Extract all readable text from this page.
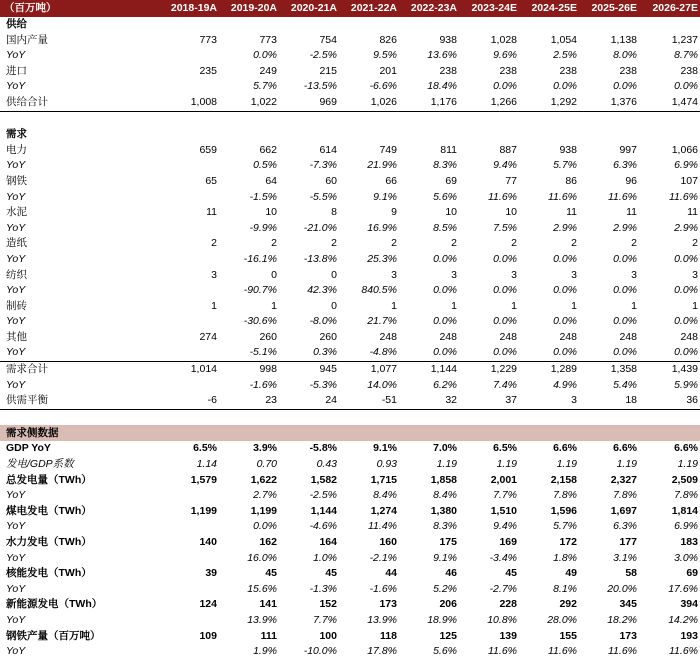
（百万吨）	2018-19A	2019-20A	2020-21A	2021-22A	2022-23A	2023-24E	2024-25E	2025-26E	2026-27E
供给									
国内产量	773	773	754	826	938	1,028	1,054	1,138	1,237
YoY		0.0%	-2.5%	9.5%	13.6%	9.6%	2.5%	8.0%	8.7%
进口	235	249	215	201	238	238	238	238	238
YoY		5.7%	-13.5%	-6.6%	18.4%	0.0%	0.0%	0.0%	0.0%
供给合计	1,008	1,022	969	1,026	1,176	1,266	1,292	1,376	1,474

需求									
电力	659	662	614	749	811	887	938	997	1,066
YoY		0.5%	-7.3%	21.9%	8.3%	9.4%	5.7%	6.3%	6.9%
钢铁	65	64	60	66	69	77	86	96	107
YoY		-1.5%	-5.5%	9.1%	5.6%	11.6%	11.6%	11.6%	11.6%
水泥	11	10	8	9	10	10	11	11	11
YoY		-9.9%	-21.0%	16.9%	8.5%	7.5%	2.9%	2.9%	2.9%
造纸	2	2	2	2	2	2	2	2	2
YoY		-16.1%	-13.8%	25.3%	0.0%	0.0%	0.0%	0.0%	0.0%
纺织	3	0	0	3	3	3	3	3	3
YoY		-90.7%	42.3%	840.5%	0.0%	0.0%	0.0%	0.0%	0.0%
制砖	1	1	0	1	1	1	1	1	1
YoY		-30.6%	-8.0%	21.7%	0.0%	0.0%	0.0%	0.0%	0.0%
其他	274	260	260	248	248	248	248	248	248
YoY		-5.1%	0.3%	-4.8%	0.0%	0.0%	0.0%	0.0%	0.0%
需求合计	1,014	998	945	1,077	1,144	1,229	1,289	1,358	1,439
YoY		-1.6%	-5.3%	14.0%	6.2%	7.4%	4.9%	5.4%	5.9%
供需平衡	-6	23	24	-51	32	37	3	18	36

需求侧数据									
GDP YoY	6.5%	3.9%	-5.8%	9.1%	7.0%	6.5%	6.6%	6.6%	6.6%
发电/GDP系数	1.14	0.70	0.43	0.93	1.19	1.19	1.19	1.19	1.19
总发电量（TWh）	1,579	1,622	1,582	1,715	1,858	2,001	2,158	2,327	2,509
YoY		2.7%	-2.5%	8.4%	8.4%	7.7%	7.8%	7.8%	7.8%
煤电发电（TWh）	1,199	1,199	1,144	1,274	1,380	1,510	1,596	1,697	1,814
YoY		0.0%	-4.6%	11.4%	8.3%	9.4%	5.7%	6.3%	6.9%
水力发电（TWh）	140	162	164	160	175	169	172	177	183
YoY		16.0%	1.0%	-2.1%	9.1%	-3.4%	1.8%	3.1%	3.0%
核能发电（TWh）	39	45	45	44	46	45	49	58	69
YoY		15.6%	-1.3%	-1.6%	5.2%	-2.7%	8.1%	20.0%	17.6%
新能源发电（TWh）	124	141	152	173	206	228	292	345	394
YoY		13.9%	7.7%	13.9%	18.9%	10.8%	28.0%	18.2%	14.2%
钢铁产量（百万吨）	109	111	100	118	125	139	155	173	193
YoY		1.9%	-10.0%	17.8%	5.6%	11.6%	11.6%	11.6%	11.6%
